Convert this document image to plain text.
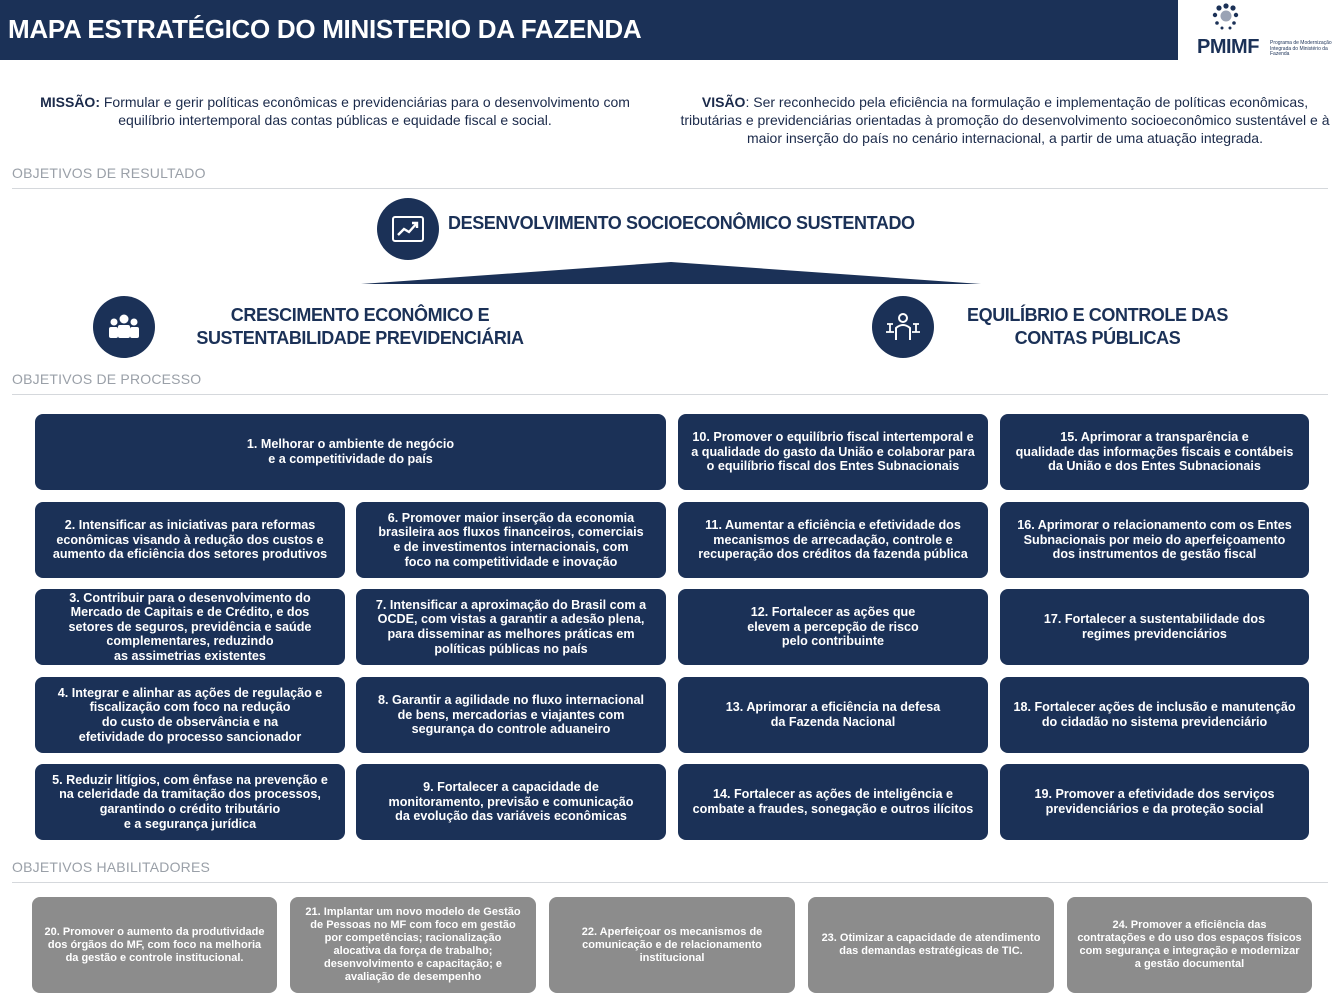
MAPA ESTRATÉGICO DO MINISTERIO DA FAZENDA
PMIMF Programa de Modernização Integrada do Ministério da Fazenda
MISSÃO: Formular e gerir políticas econômicas e previdenciárias para o desenvolvimento com equilíbrio intertemporal das contas públicas e equidade fiscal e social.
VISÃO: Ser reconhecido pela eficiência na formulação e implementação de políticas econômicas, tributárias e previdenciárias orientadas à promoção do desenvolvimento socioeconômico sustentável e à maior inserção do país no cenário internacional, a partir de uma atuação integrada.
OBJETIVOS DE RESULTADO
DESENVOLVIMENTO SOCIOECONÔMICO SUSTENTADO
CRESCIMENTO ECONÔMICO E
SUSTENTABILIDADE PREVIDENCIÁRIA
EQUILÍBRIO E CONTROLE DAS
CONTAS PÚBLICAS
OBJETIVOS DE PROCESSO
1. Melhorar o ambiente de negócio
e a competitividade do país
2. Intensificar as iniciativas para reformas
econômicas visando à redução dos custos e
aumento da eficiência dos setores produtivos
3. Contribuir para o desenvolvimento do
Mercado de Capitais e de Crédito, e dos
setores de seguros, previdência e saúde
complementares, reduzindo
as assimetrias existentes
4. Integrar e alinhar as ações de regulação e
fiscalização com foco na redução
do custo de observância e na
efetividade do processo sancionador
5. Reduzir litígios, com ênfase na prevenção e
na celeridade da tramitação dos processos,
garantindo o crédito tributário
e a segurança jurídica
6. Promover maior inserção da economia
brasileira aos fluxos financeiros, comerciais
e de investimentos internacionais, com
foco na competitividade e inovação
7. Intensificar a aproximação do Brasil com a
OCDE, com vistas a garantir a adesão plena,
para disseminar as melhores práticas em
políticas públicas no país
8. Garantir a agilidade no fluxo internacional
de bens, mercadorias e viajantes com
segurança do controle aduaneiro
9. Fortalecer a capacidade de
monitoramento, previsão e comunicação
da evolução das variáveis econômicas
10. Promover o equilíbrio fiscal intertemporal e
a qualidade do gasto da União e colaborar para
o equilíbrio fiscal dos Entes Subnacionais
11. Aumentar a eficiência e efetividade dos
mecanismos de arrecadação, controle e
recuperação dos créditos da fazenda pública
12. Fortalecer as ações que
elevem a percepção de risco
pelo contribuinte
13. Aprimorar a eficiência na defesa
da Fazenda Nacional
14. Fortalecer as ações de inteligência e
combate a fraudes, sonegação e outros ilícitos
15. Aprimorar a transparência e
qualidade das informações fiscais e contábeis
da União e dos Entes Subnacionais
16. Aprimorar o relacionamento com os Entes
Subnacionais por meio do aperfeiçoamento
dos instrumentos de gestão fiscal
17. Fortalecer a sustentabilidade dos
regimes previdenciários
18. Fortalecer ações de inclusão e manutenção
do cidadão no sistema previdenciário
19. Promover a efetividade dos serviços
previdenciários e da proteção social
OBJETIVOS HABILITADORES
20. Promover o aumento da produtividade dos órgãos do MF, com foco na melhoria da gestão e controle institucional.
21. Implantar um novo modelo de Gestão de Pessoas no MF com foco em gestão por competências; racionalização alocativa da força de trabalho; desenvolvimento e capacitação; e avaliação de desempenho
22. Aperfeiçoar os mecanismos de comunicação e de relacionamento institucional
23. Otimizar a capacidade de atendimento das demandas estratégicas de TIC.
24. Promover a eficiência das contratações e do uso dos espaços físicos com segurança e integração e modernizar a gestão documental
